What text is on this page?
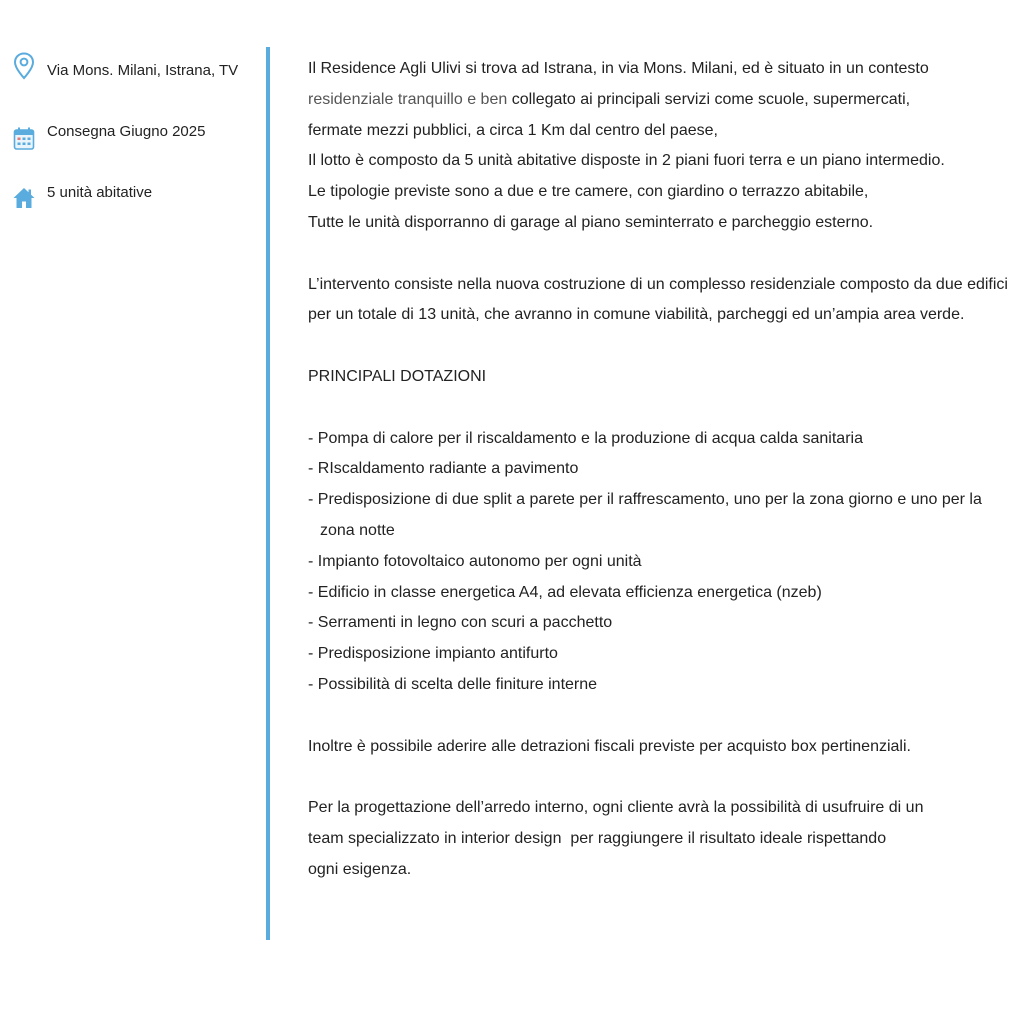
Via Mons. Milani, Istrana, TV
Consegna Giugno 2025
5 unità abitative

Il Residence Agli Ulivi si trova ad Istrana, in via Mons. Milani, ed è situato in un contesto

residenziale tranquillo e ben collegato ai principali servizi come scuole, supermercati,

fermate mezzi pubblici, a circa 1 Km dal centro del paese,

Il lotto è composto da 5 unità abitative disposte in 2 piani fuori terra e un piano intermedio.

Le tipologie previste sono a due e tre camere, con giardino o terrazzo abitabile,

Tutte le unità disporranno di garage al piano seminterrato e parcheggio esterno.

L’intervento consiste nella nuova costruzione di un complesso residenziale composto da due edifici per un totale di 13 unità, che avranno in comune viabilità, parcheggi ed un’ampia area verde.

PRINCIPALI DOTAZIONI

- Pompa di calore per il riscaldamento e la produzione di acqua calda sanitaria

- RIscaldamento radiante a pavimento

- Predisposizione di due split a parete per il raffrescamento, uno per la zona giorno e uno per la zona notte

- Impianto fotovoltaico autonomo per ogni unità

- Edificio in classe energetica A4, ad elevata efficienza energetica (nzeb)

- Serramenti in legno con scuri a pacchetto

- Predisposizione impianto antifurto

- Possibilità di scelta delle finiture interne

Inoltre è possibile aderire alle detrazioni fiscali previste per acquisto box pertinenziali.

Per la progettazione dell’arredo interno, ogni cliente avrà la possibilità di usufruire di un

team specializzato in interior design  per raggiungere il risultato ideale rispettando

ogni esigenza.
